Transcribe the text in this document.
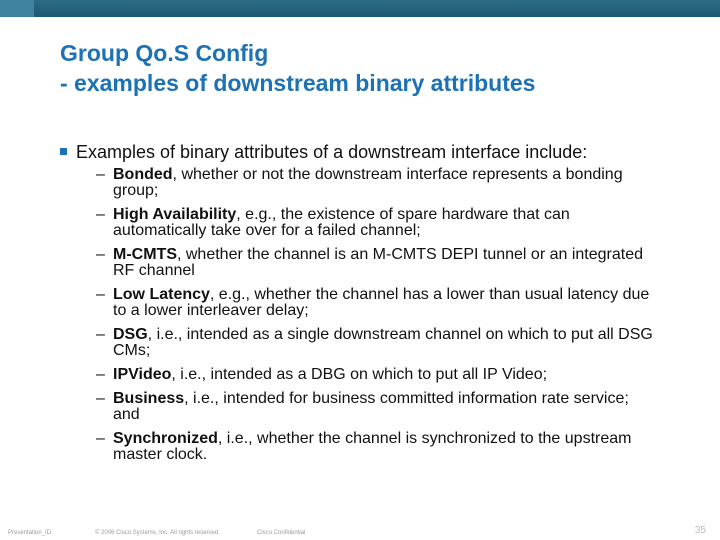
Group Qo.S Config
- examples of downstream binary attributes
Examples of binary attributes of a downstream interface include:
– Bonded, whether or not the downstream interface represents a bonding group;
– High Availability, e.g., the existence of spare hardware that can automatically take over for a failed channel;
– M-CMTS, whether the channel is an M-CMTS DEPI tunnel or an integrated RF channel
– Low Latency, e.g., whether the channel has a lower than usual latency due to a lower interleaver delay;
– DSG, i.e., intended as a single downstream channel on which to put all DSG CMs;
– IPVideo, i.e., intended as a DBG on which to put all IP Video;
– Business, i.e., intended for business committed information rate service; and
– Synchronized, i.e., whether the channel is synchronized to the upstream master clock.
Presentation_ID	© 2006 Cisco Systems, Inc. All rights reserved.	Cisco Confidential	35
